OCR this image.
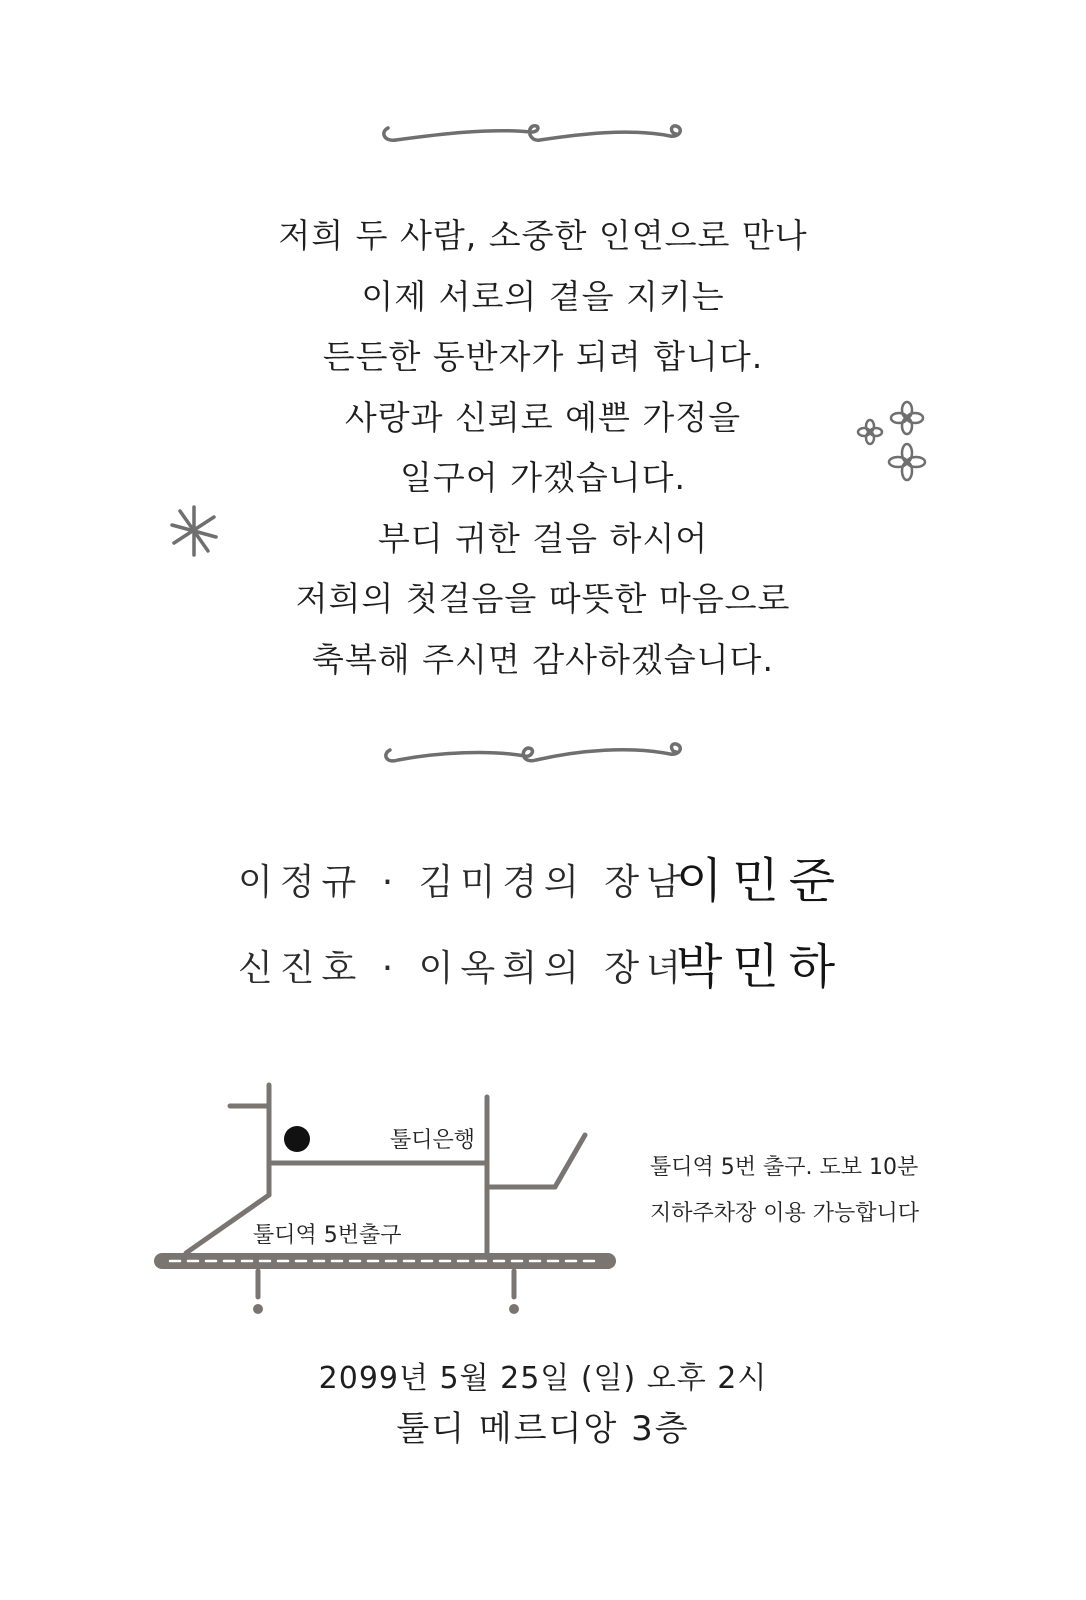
저희 두 사람, 소중한 인연으로 만나
이제 서로의 곁을 지키는
든든한 동반자가 되려 합니다.
사랑과 신뢰로 예쁜 가정을
일구어 가겠습니다.
부디 귀한 걸음 하시어
저희의 첫걸음을 따뜻한 마음으로
축복해 주시면 감사하겠습니다.
이정규 · 김미경의 장남
이민준
신진호 · 이옥희의 장녀
박민하
툴디은행
툴디역 5번출구
툴디역 5번 출구. 도보 10분
지하주차장 이용 가능합니다
2099년 5월 25일 (일) 오후 2시
툴디 메르디앙 3층
